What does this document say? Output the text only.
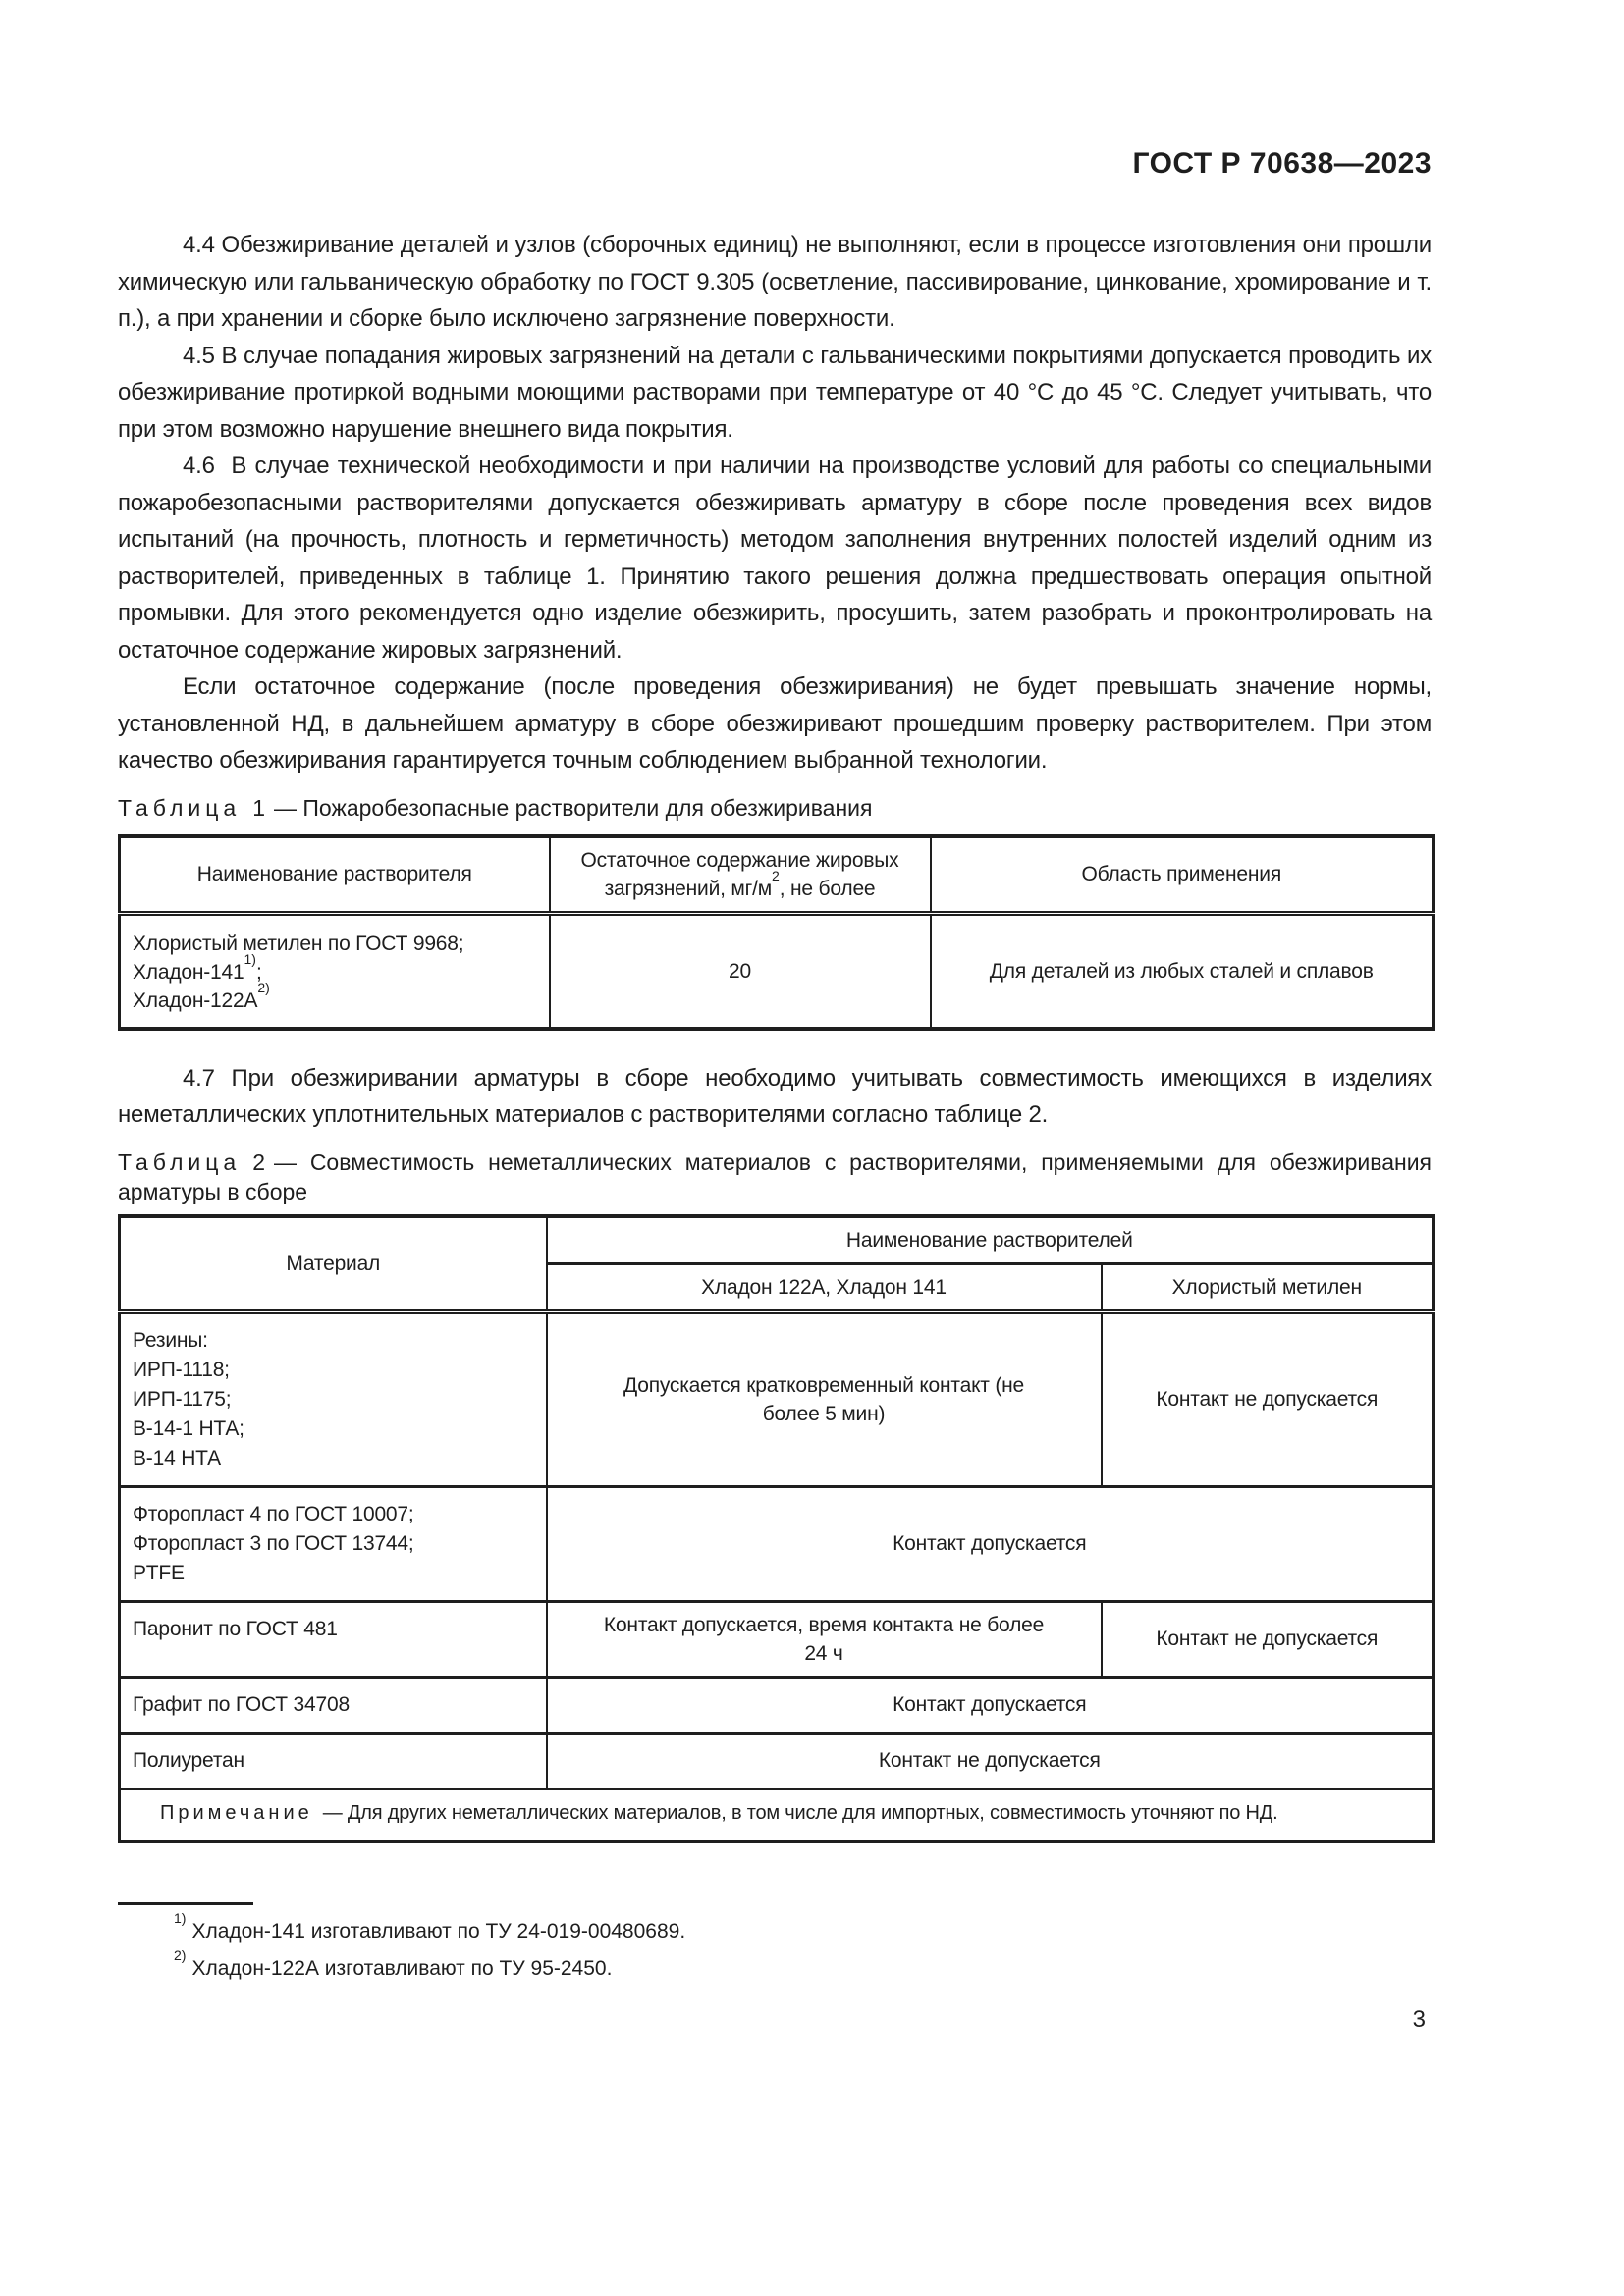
ГОСТ Р 70638—2023

4.4 Обезжиривание деталей и узлов (сборочных единиц) не выполняют, если в процессе изготовления они прошли химическую или гальваническую обработку по ГОСТ 9.305 (осветление, пассивирование, цинкование, хромирование и т. п.), а при хранении и сборке было исключено загрязнение поверхности.

4.5 В случае попадания жировых загрязнений на детали с гальваническими покрытиями допускается проводить их обезжиривание протиркой водными моющими растворами при температуре от 40 °С до 45 °С. Следует учитывать, что при этом возможно нарушение внешнего вида покрытия.

4.6  В случае технической необходимости и при наличии на производстве условий для работы со специальными пожаробезопасными растворителями допускается обезжиривать арматуру в сборе после проведения всех видов испытаний (на прочность, плотность и герметичность) методом заполнения внутренних полостей изделий одним из растворителей, приведенных в таблице 1. Принятию такого решения должна предшествовать операция опытной промывки. Для этого рекомендуется одно изделие обезжирить, просушить, затем разобрать и проконтролировать на остаточное содержание жировых загрязнений.

Если остаточное содержание (после проведения обезжиривания) не будет превышать значение нормы, установленной НД, в дальнейшем арматуру в сборе обезжиривают прошедшим проверку растворителем. При этом качество обезжиривания гарантируется точным соблюдением выбранной технологии.

Таблица 1 — Пожаробезопасные растворители для обезжиривания

Наименование растворителя	Остаточное содержание жировых
загрязнений, $мг/м^2$, не более	Область применения

Хлористый метилен по ГОСТ 9968;
Хладон-141$^{1)}$;
Хладон-$122А^{2)}$	20	Для деталей из любых сталей и сплавов

4.7 При обезжиривании арматуры в сборе необходимо учитывать совместимость имеющихся в изделиях неметаллических уплотнительных материалов с растворителями согласно таблице 2.

Таблица 2 — Совместимость неметаллических материалов с растворителями, применяемыми для обезжиривания арматуры в сборе

Материал	Наименование растворителей	
	Хладон 122А, Хладон 141	Хлористый метилен

Резины:
ИРП-1118;
ИРП-1175;
В-14-1 НТА;
В-14 НТА	Допускается кратковременный контакт (не более 5 мин)	Контакт не допускается

Фторопласт 4 по ГОСТ 10007;
Фторопласт 3 по ГОСТ 13744;
PTFE	Контакт допускается	
Паронит по ГОСТ 481	Контакт допускается, время контакта не более 24 ч	Контакт не допускается
Графит по ГОСТ 34708	Контакт допускается	
Полиуретан	Контакт не допускается	

Примечание — Для других неметаллических материалов, в том числе для импортных, совместимость уточняют по НД.		

$^{1)}$Хладон-141 изготавливают по ТУ 24-019-00480689.

$^{2)}$Хладон-122А изготавливают по ТУ 95-2450.

3
